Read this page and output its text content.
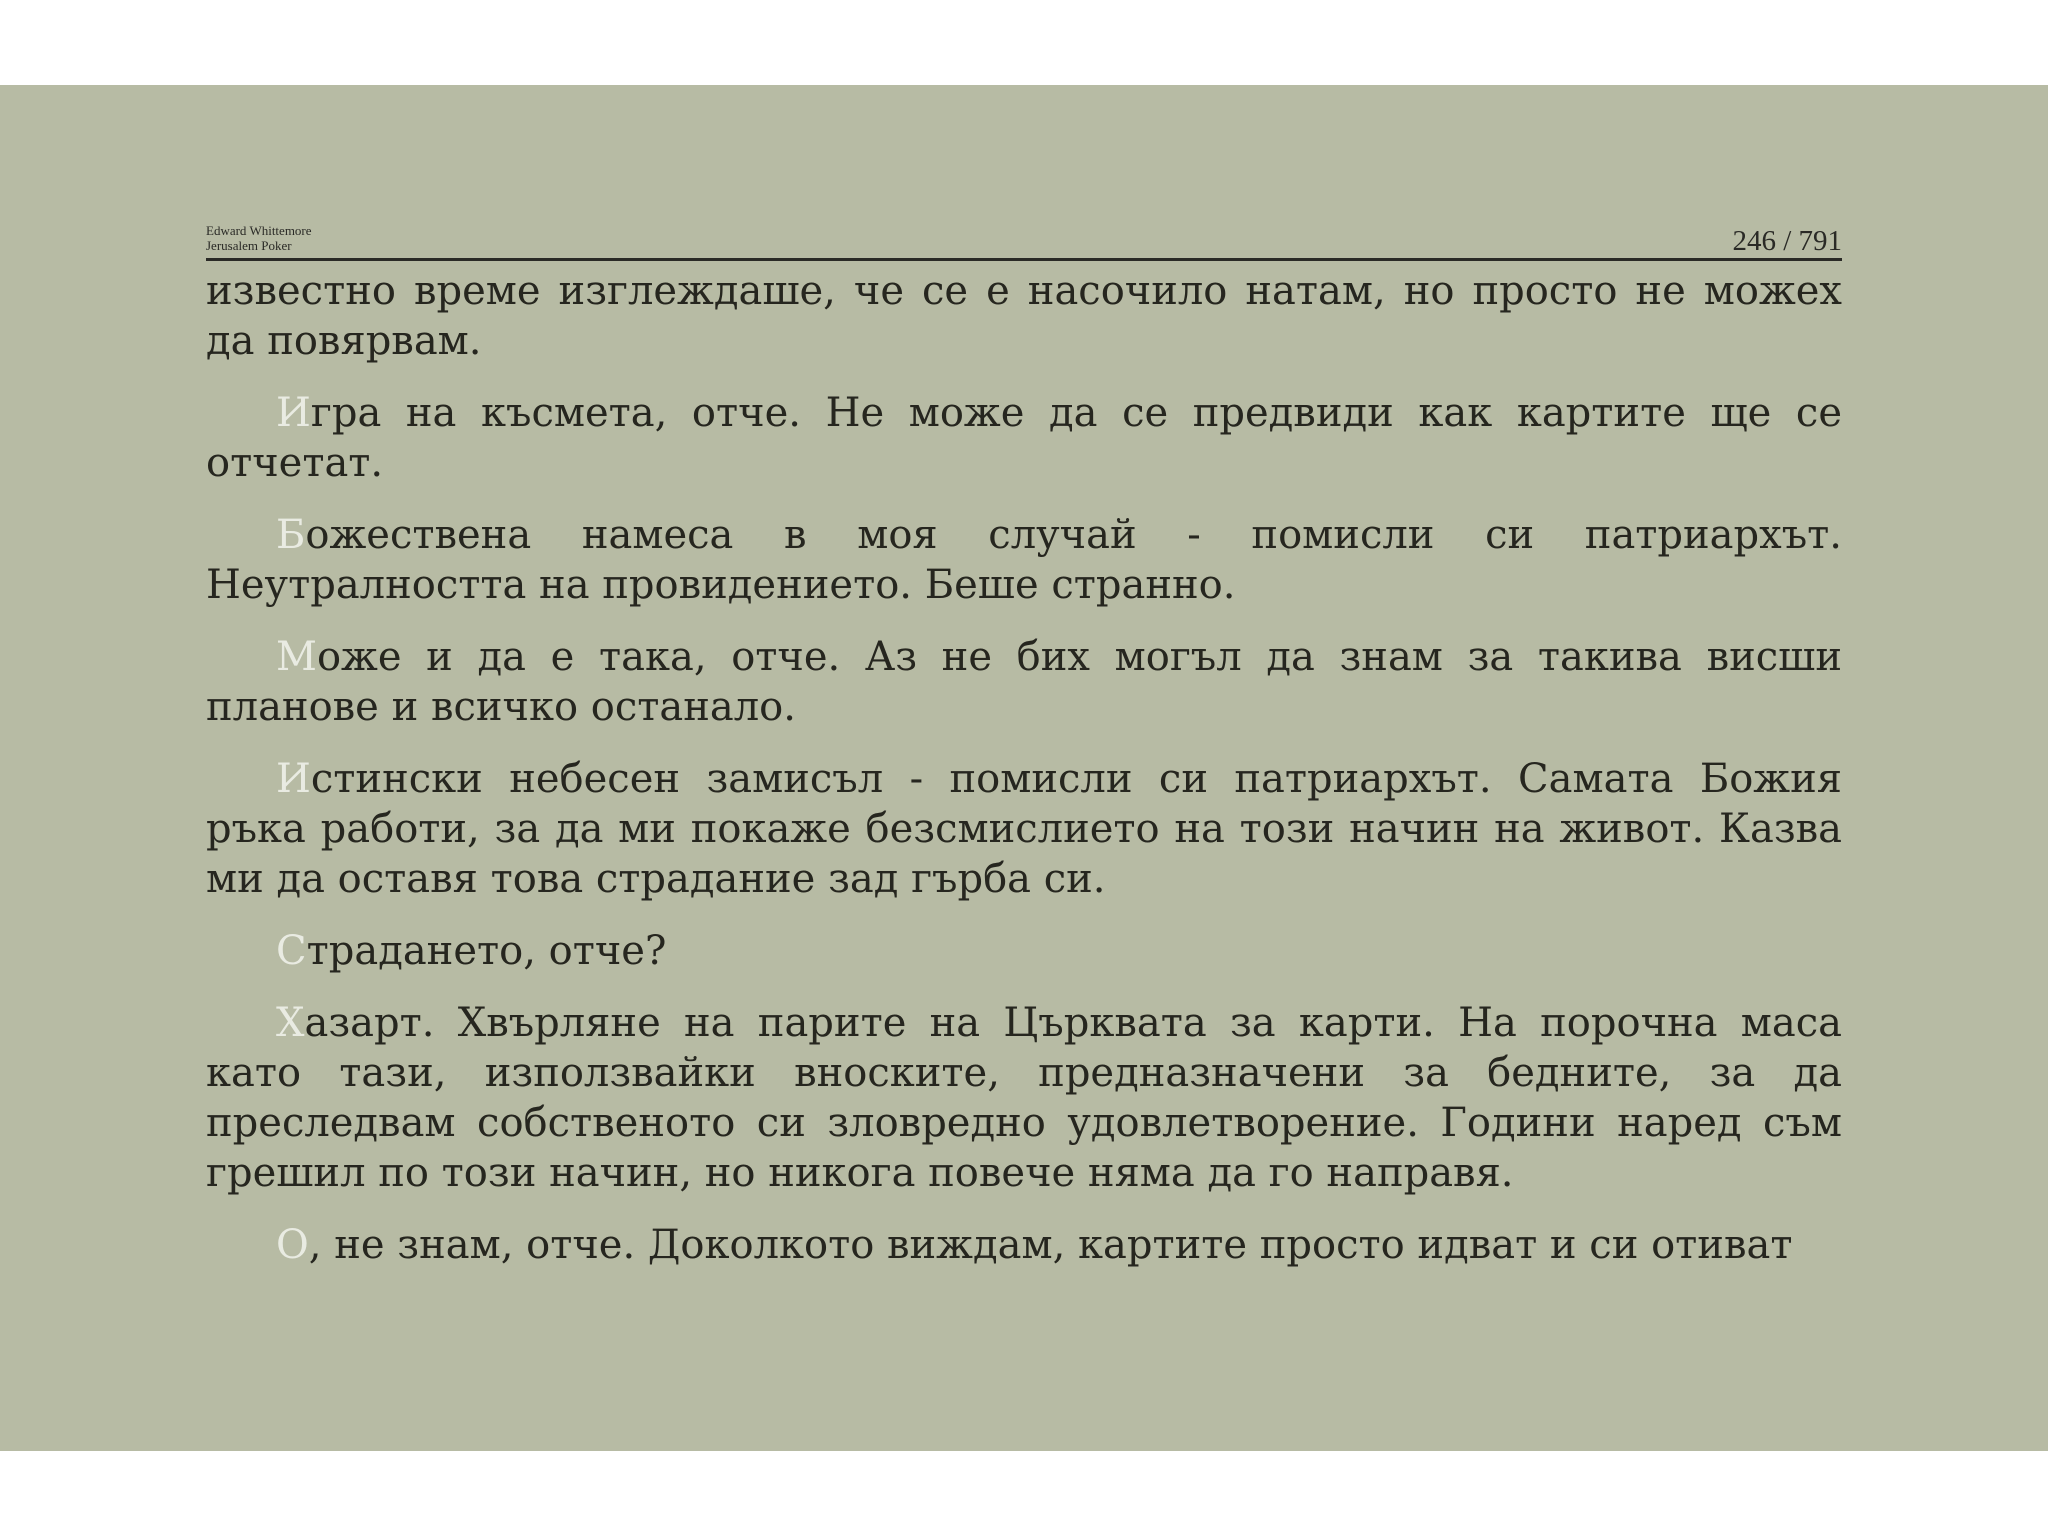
Edward Whittemore
Jerusalem Poker	246 / 791

известно време изглеждаше, че се е насочило натам, но просто не можех да повярвам.

Игра на късмета, отче. Не може да се предвиди как картите ще се отчетат.

Божествена намеса в моя случай - помисли си патриархът. Неутралността на провидението. Беше странно.

Може и да е така, отче. Аз не бих могъл да знам за такива висши планове и всичко останало.

Истински небесен замисъл - помисли си патриархът. Самата Божия ръка работи, за да ми покаже безсмислието на този начин на живот. Казва ми да оставя това страдание зад гърба си.

Страдането, отче?

Хазарт. Хвърляне на парите на Църквата за карти. На порочна маса като тази, използвайки вноските, предназначени за бедните, за да преследвам собственото си зловредно удовлетворение. Години наред съм грешил по този начин, но никога повече няма да го направя.

О, не знам, отче. Доколкото виждам, картите просто идват и си отиват
